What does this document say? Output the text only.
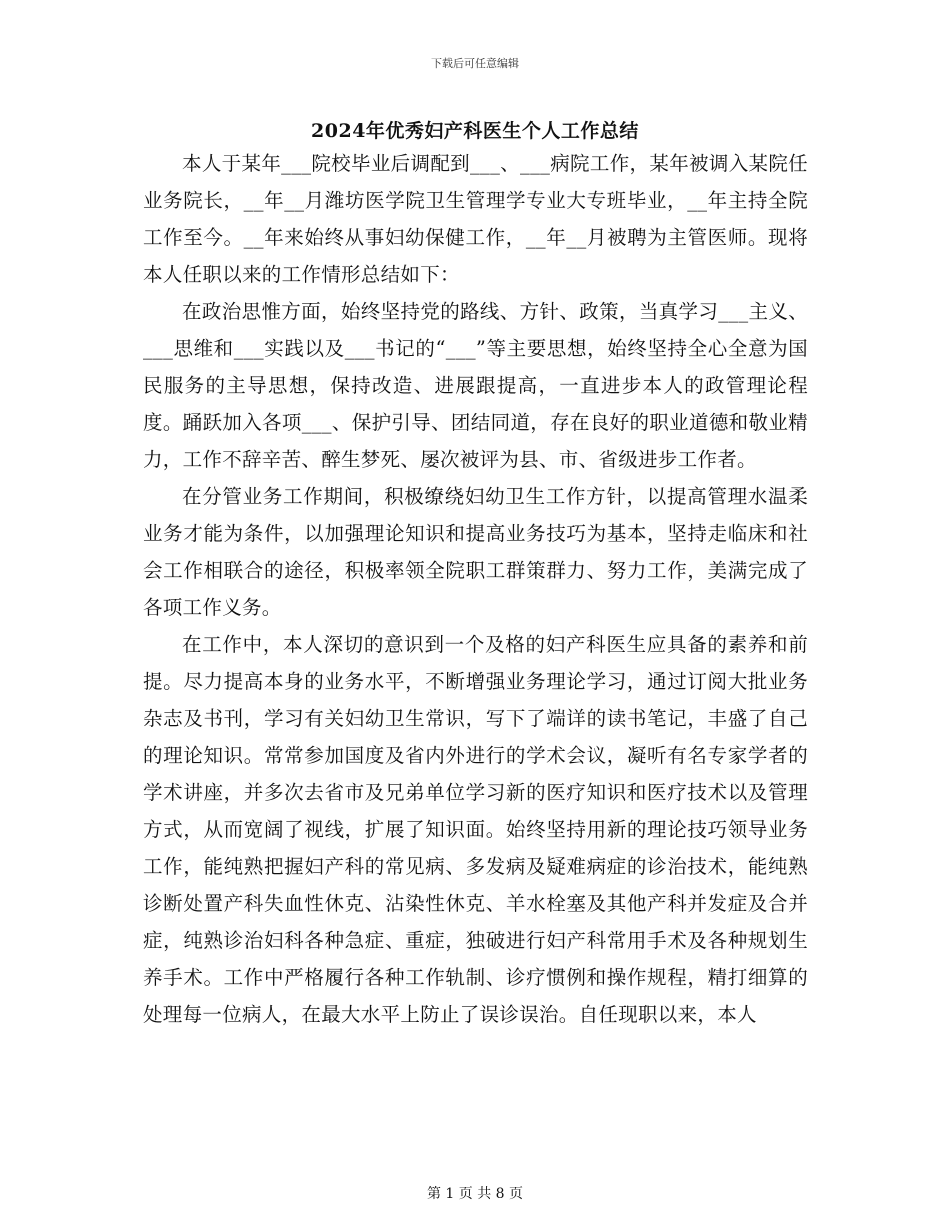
下载后可任意编辑
2024年优秀妇产科医生个人工作总结

本人于某年___院校毕业后调配到___、___病院工作，某年被调入某院任业务院长，__年__月潍坊医学院卫生管理学专业大专班毕业，__年主持全院工作至今。__年来始终从事妇幼保健工作，__年__月被聘为主管医师。现将本人任职以来的工作情形总结如下：

在政治思惟方面，始终坚持党的路线、方针、政策，当真学习___主义、___思维和___实践以及___书记的“___”等主要思想，始终坚持全心全意为国民服务的主导思想，保持改造、进展跟提高，一直进步本人的政管理论程度。踊跃加入各项___、保护引导、团结同道，存在良好的职业道德和敬业精力，工作不辞辛苦、醉生梦死、屡次被评为县、市、省级进步工作者。

在分管业务工作期间，积极缭绕妇幼卫生工作方针，以提高管理水温柔业务才能为条件，以加强理论知识和提高业务技巧为基本，坚持走临床和社会工作相联合的途径，积极率领全院职工群策群力、努力工作，美满完成了各项工作义务。

在工作中，本人深切的意识到一个及格的妇产科医生应具备的素养和前提。尽力提高本身的业务水平，不断增强业务理论学习，通过订阅大批业务杂志及书刊，学习有关妇幼卫生常识，写下了端详的读书笔记，丰盛了自己的理论知识。常常参加国度及省内外进行的学术会议，凝听有名专家学者的学术讲座，并多次去省市及兄弟单位学习新的医疗知识和医疗技术以及管理方式，从而宽阔了视线，扩展了知识面。始终坚持用新的理论技巧领导业务工作，能纯熟把握妇产科的常见病、多发病及疑难病症的诊治技术，能纯熟诊断处置产科失血性休克、沾染性休克、羊水栓塞及其他产科并发症及合并症，纯熟诊治妇科各种急症、重症，独破进行妇产科常用手术及各种规划生养手术。工作中严格履行各种工作轨制、诊疗惯例和操作规程，精打细算的处理每一位病人，在最大水平上防止了误诊误治。自任现职以来，本人

第 1 页 共 8 页
